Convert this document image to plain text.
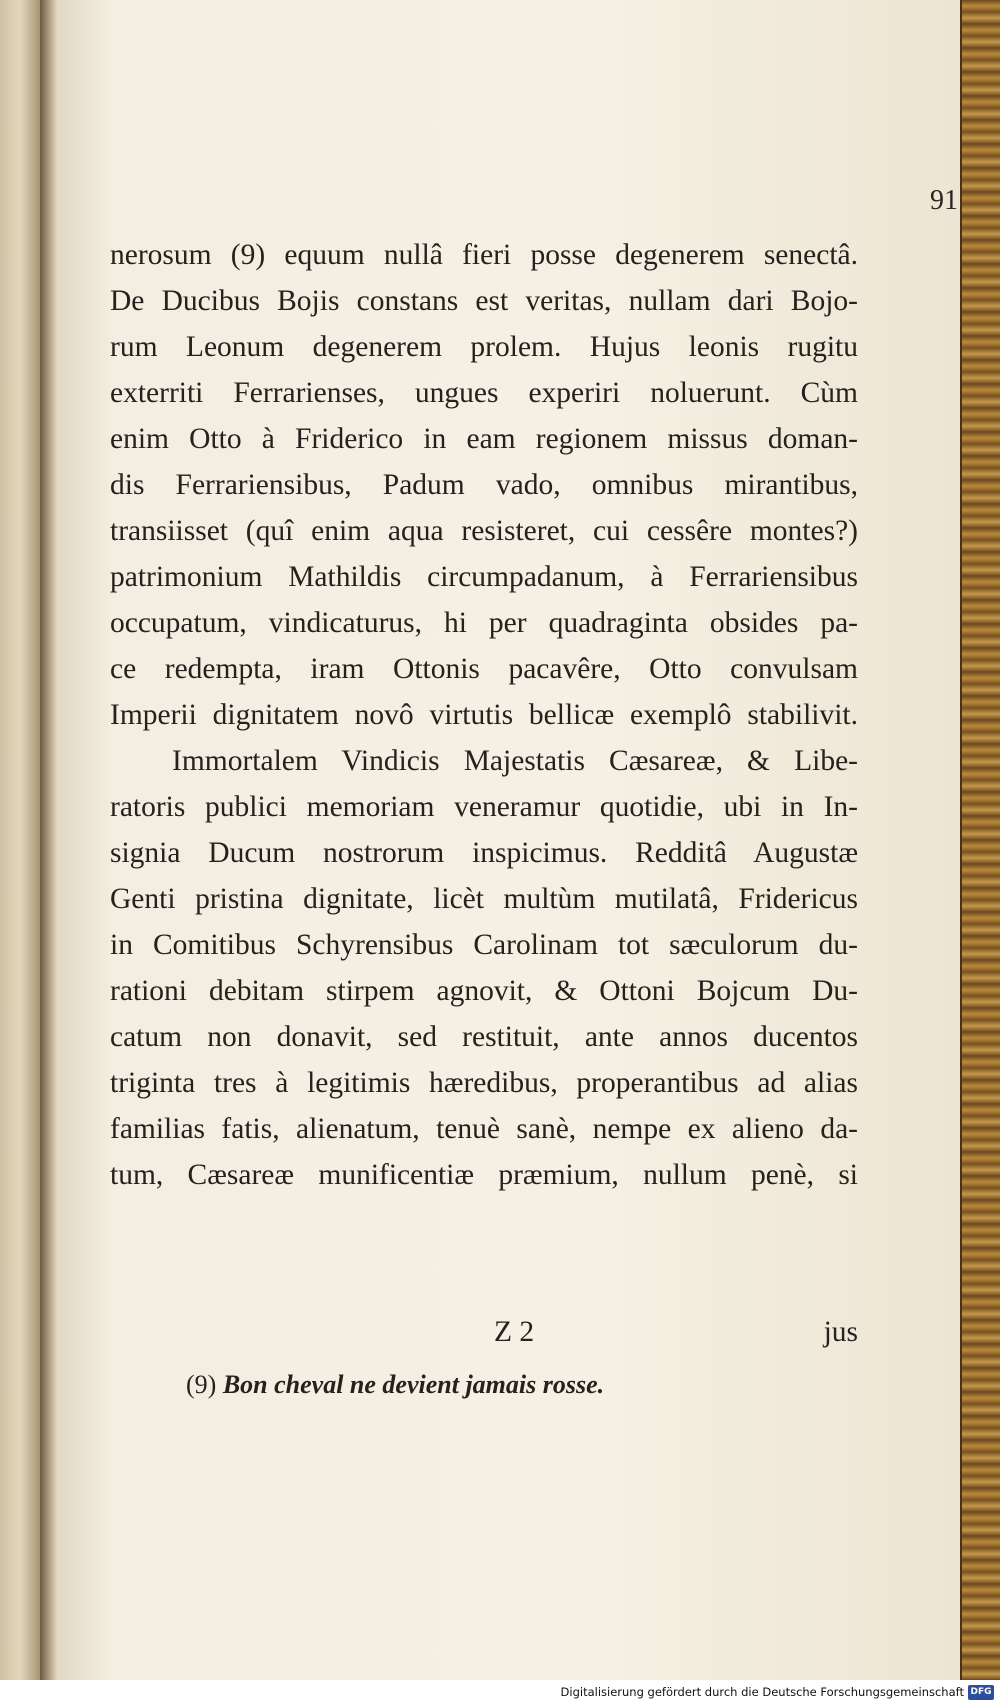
91
nerosum (9) equum nullâ fieri posse degenerem senectâ.
De Ducibus Bojis constans est veritas, nullam dari Bojo-
rum Leonum degenerem prolem. Hujus leonis rugitu
exterriti Ferrarienses, ungues experiri noluerunt. Cùm
enim Otto à Friderico in eam regionem missus doman-
dis Ferrariensibus, Padum vado, omnibus mirantibus,
transiisset (quî enim aqua resisteret, cui cessêre montes?)
patrimonium Mathildis circumpadanum, à Ferrariensibus
occupatum, vindicaturus, hi per quadraginta obsides pa-
ce redempta, iram Ottonis pacavêre, Otto convulsam
Imperii dignitatem novô virtutis bellicæ exemplô stabilivit.
Immortalem Vindicis Majestatis Cæsareæ, & Libe-
ratoris publici memoriam veneramur quotidie, ubi in In-
signia Ducum nostrorum inspicimus. Redditâ Augustæ
Genti pristina dignitate, licèt multùm mutilatâ, Fridericus
in Comitibus Schyrensibus Carolinam tot sæculorum du-
rationi debitam stirpem agnovit, & Ottoni Bojcum Du-
catum non donavit, sed restituit, ante annos ducentos
triginta tres à legitimis hæredibus, properantibus ad alias
familias fatis, alienatum, tenuè sanè, nempe ex alieno da-
tum, Cæsareæ munificentiæ præmium, nullum penè, si
Z 2	jus
(9) Bon cheval ne devient jamais rosse.
Digitalisierung gefördert durch die Deutsche Forschungsgemeinschaft DFG
